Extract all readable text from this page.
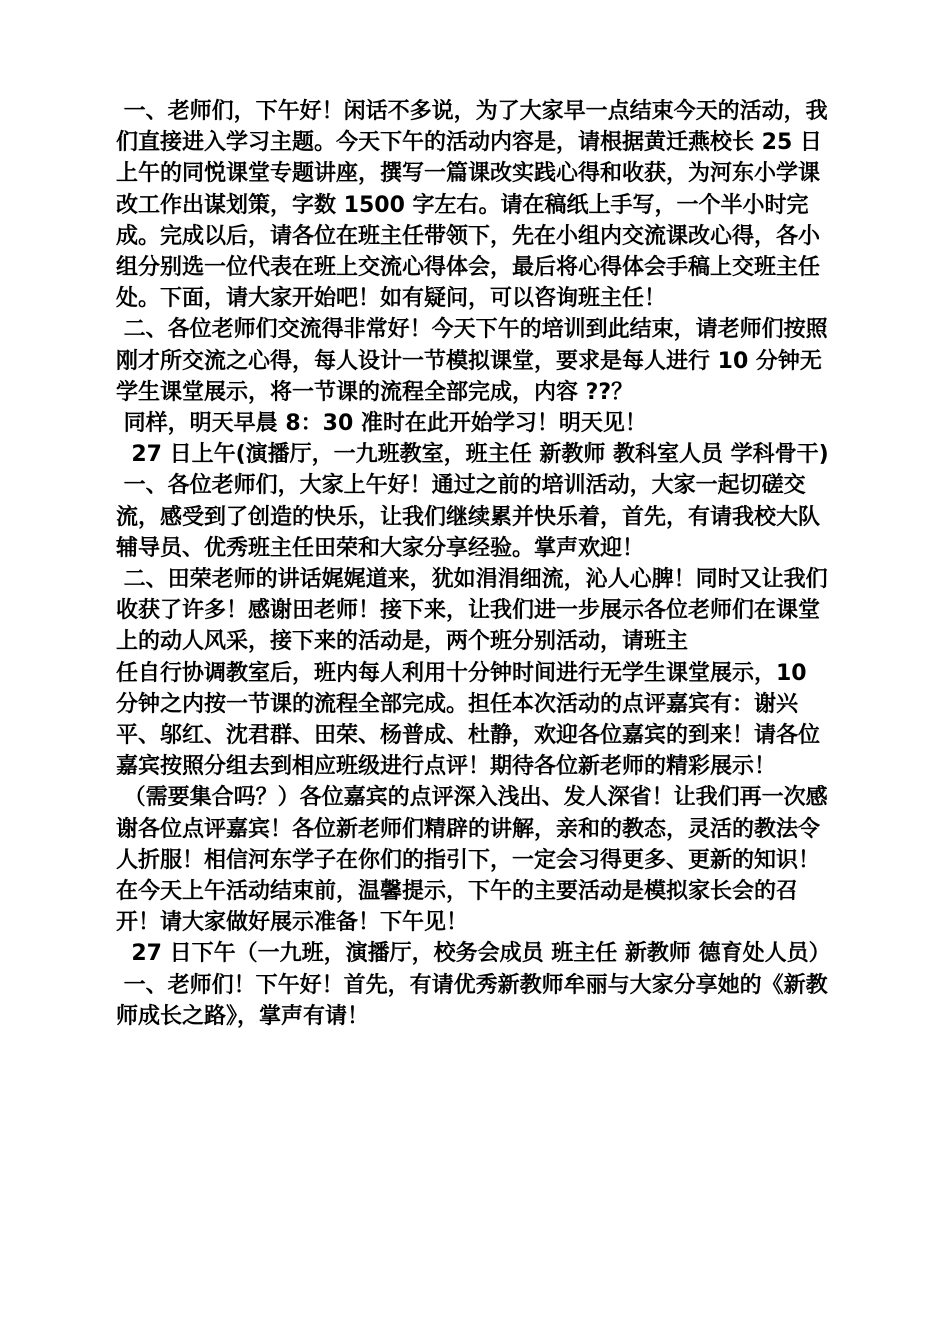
一、老师们，下午好！闲话不多说，为了大家早一点结束今天的活动，我们直接进入学习主题。今天下午的活动内容是，请根据黄迁燕校长 25 日上午的同悦课堂专题讲座，撰写一篇课改实践心得和收获，为河东小学课改工作出谋划策，字数 1500 字左右。请在稿纸上手写，一个半小时完成。完成以后，请各位在班主任带领下，先在小组内交流课改心得，各小组分别选一位代表在班上交流心得体会，最后将心得体会手稿上交班主任处。下面，请大家开始吧！如有疑问，可以咨询班主任！

二、各位老师们交流得非常好！今天下午的培训到此结束，请老师们按照刚才所交流之心得，每人设计一节模拟课堂，要求是每人进行 10 分钟无学生课堂展示，将一节课的流程全部完成，内容 ??？

同样，明天早晨 8：30 准时在此开始学习！明天见！

27 日上午(演播厅，一九班教室，班主任 新教师 教科室人员 学科骨干)

一、各位老师们，大家上午好！通过之前的培训活动，大家一起切磋交流，感受到了创造的快乐，让我们继续累并快乐着，首先，有请我校大队辅导员、优秀班主任田荣和大家分享经验。掌声欢迎！

二、田荣老师的讲话娓娓道来，犹如涓涓细流，沁人心脾！同时又让我们收获了许多！感谢田老师！接下来，让我们进一步展示各位老师们在课堂上的动人风采，接下来的活动是，两个班分别活动，请班主

任自行协调教室后，班内每人利用十分钟时间进行无学生课堂展示，10  分钟之内按一节课的流程全部完成。担任本次活动的点评嘉宾有：谢兴平、邬红、沈君群、田荣、杨普成、杜静，欢迎各位嘉宾的到来！请各位嘉宾按照分组去到相应班级进行点评！期待各位新老师的精彩展示！

（需要集合吗？）各位嘉宾的点评深入浅出、发人深省！让我们再一次感谢各位点评嘉宾！各位新老师们精辟的讲解，亲和的教态，灵活的教法令人折服！相信河东学子在你们的指引下，一定会习得更多、更新的知识！在今天上午活动结束前，温馨提示，下午的主要活动是模拟家长会的召开！请大家做好展示准备！下午见！

27 日下午（一九班，演播厅，校务会成员 班主任 新教师 德育处人员）

一、老师们！下午好！首先，有请优秀新教师牟丽与大家分享她的《新教师成长之路》，掌声有请！
